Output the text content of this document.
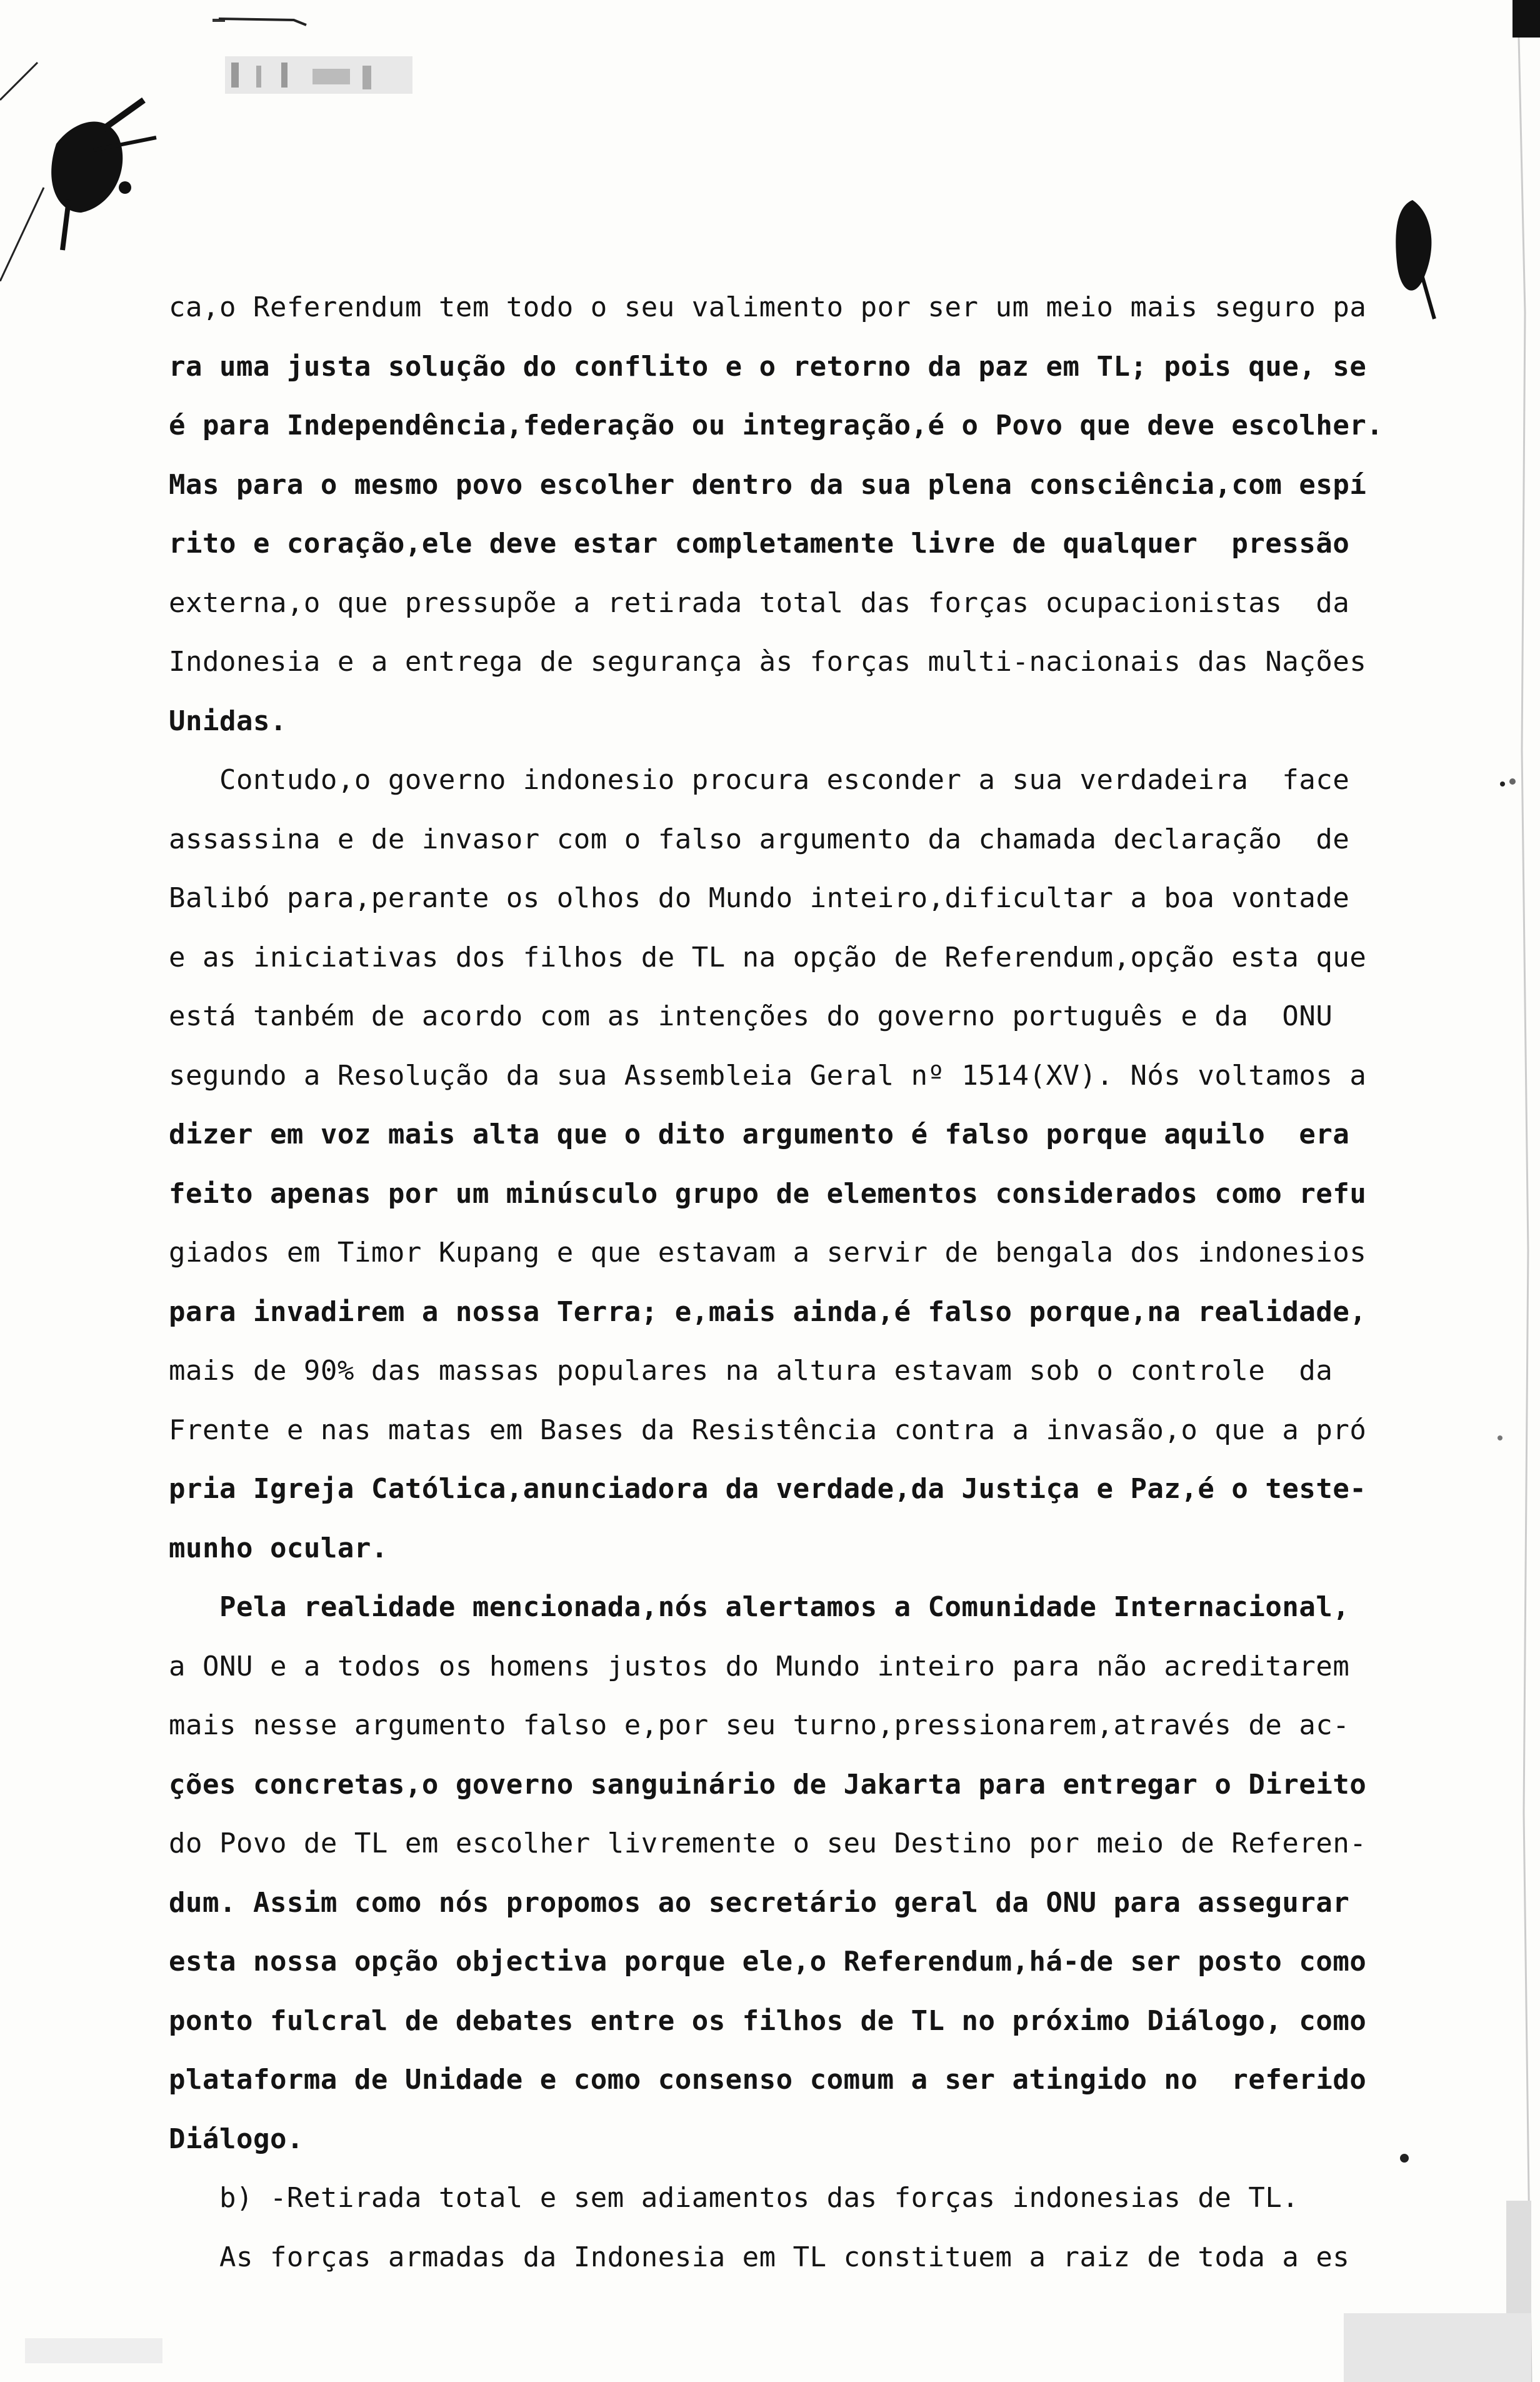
ca,o Referendum tem todo o seu valimento por ser um meio mais seguro pa
ra uma justa solução do conflito e o retorno da paz em TL; pois que, se
é para Independência,federação ou integração,é o Povo que deve escolher.
Mas para o mesmo povo escolher dentro da sua plena consciência,com espí
rito e coração,ele deve estar completamente livre de qualquer  pressão
externa,o que pressupõe a retirada total das forças ocupacionistas  da
Indonesia e a entrega de segurança às forças multi-nacionais das Nações
Unidas.
Contudo,o governo indonesio procura esconder a sua verdadeira  face
assassina e de invasor com o falso argumento da chamada declaração  de
Balibó para,perante os olhos do Mundo inteiro,dificultar a boa vontade
e as iniciativas dos filhos de TL na opção de Referendum,opção esta que
está tanbém de acordo com as intenções do governo português e da  ONU
segundo a Resolução da sua Assembleia Geral nº 1514(XV). Nós voltamos a
dizer em voz mais alta que o dito argumento é falso porque aquilo  era
feito apenas por um minúsculo grupo de elementos considerados como refu
giados em Timor Kupang e que estavam a servir de bengala dos indonesios
para invadirem a nossa Terra; e,mais ainda,é falso porque,na realidade,
mais de 90% das massas populares na altura estavam sob o controle  da
Frente e nas matas em Bases da Resistência contra a invasão,o que a pró
pria Igreja Católica,anunciadora da verdade,da Justiça e Paz,é o teste-
munho ocular.
Pela realidade mencionada,nós alertamos a Comunidade Internacional,
a ONU e a todos os homens justos do Mundo inteiro para não acreditarem
mais nesse argumento falso e,por seu turno,pressionarem,através de ac-
ções concretas,o governo sanguinário de Jakarta para entregar o Direito
do Povo de TL em escolher livremente o seu Destino por meio de Referen-
dum. Assim como nós propomos ao secretário geral da ONU para assegurar
esta nossa opção objectiva porque ele,o Referendum,há-de ser posto como
ponto fulcral de debates entre os filhos de TL no próximo Diálogo, como
plataforma de Unidade e como consenso comum a ser atingido no  referido
Diálogo.
b) -Retirada total e sem adiamentos das forças indonesias de TL.
As forças armadas da Indonesia em TL constituem a raiz de toda a es
